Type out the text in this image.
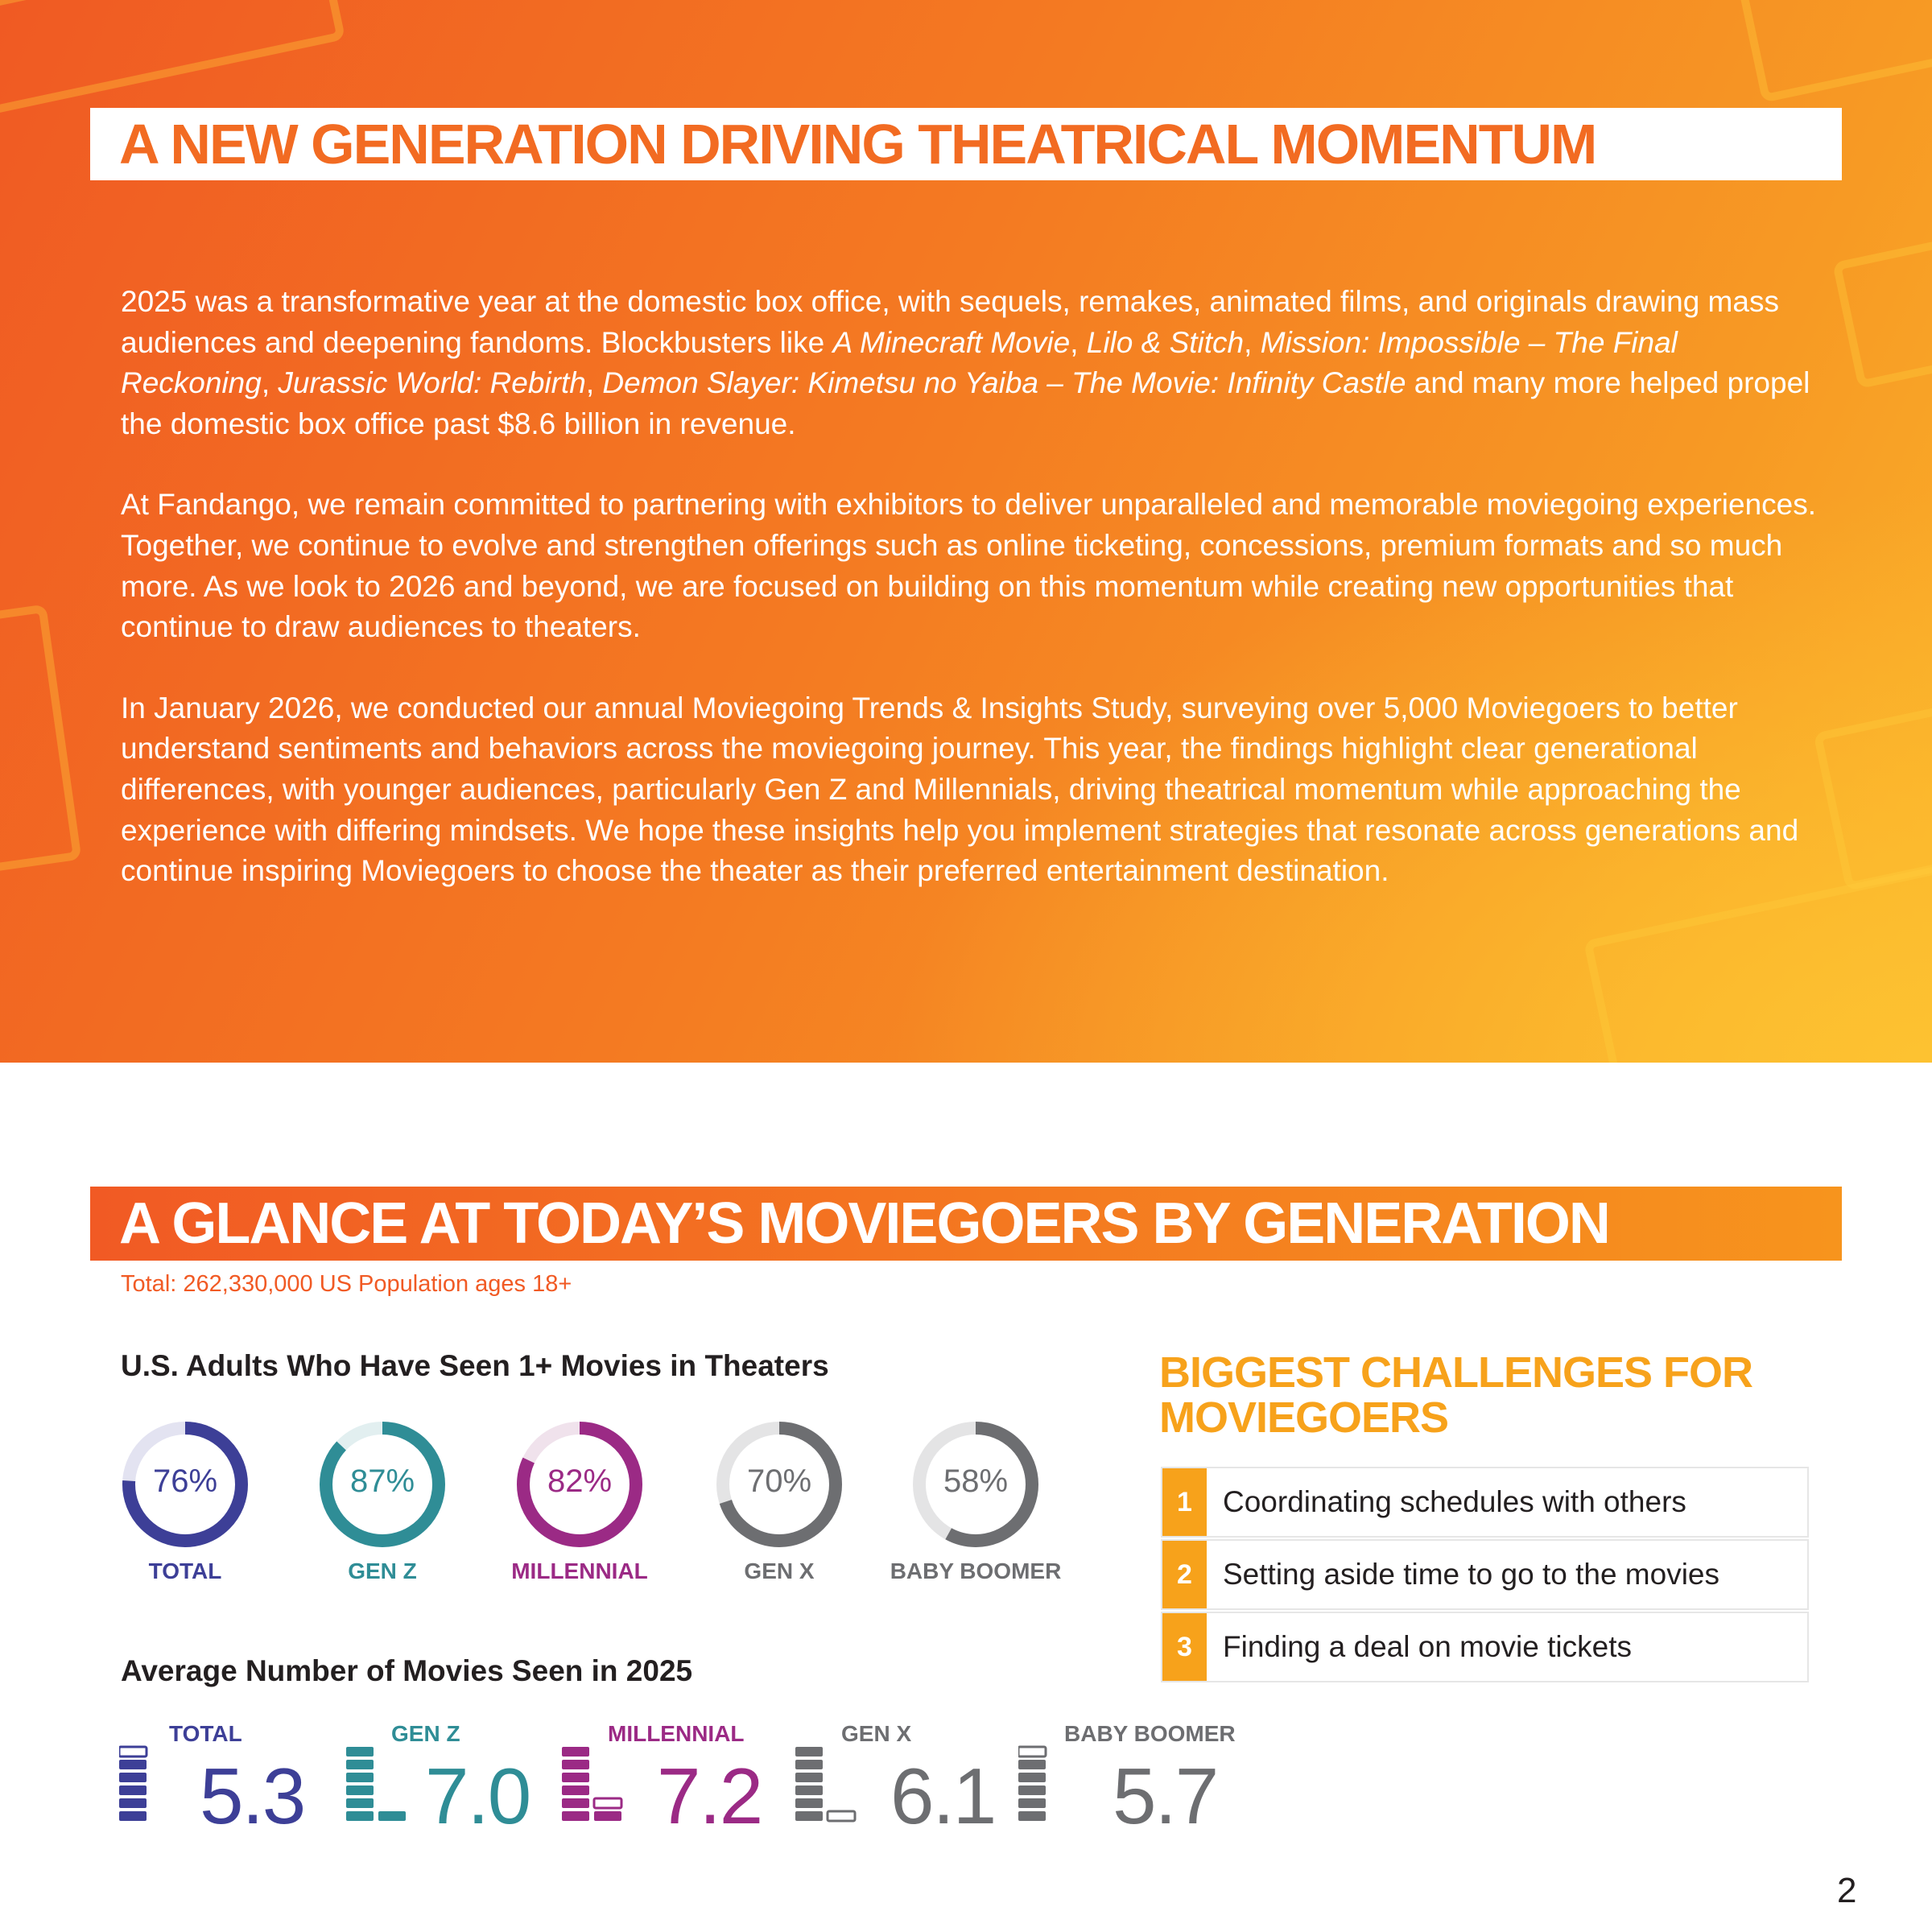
A NEW GENERATION DRIVING THEATRICAL MOMENTUM

2025 was a transformative year at the domestic box office, with sequels, remakes, animated films, and originals drawing mass audiences and deepening fandoms. Blockbusters like A Minecraft Movie, Lilo & Stitch, Mission: Impossible – The Final Reckoning, Jurassic World: Rebirth, Demon Slayer: Kimetsu no Yaiba – The Movie: Infinity Castle and many more helped propel the domestic box office past $8.6 billion in revenue.

At Fandango, we remain committed to partnering with exhibitors to deliver unparalleled and memorable moviegoing experiences. Together, we continue to evolve and strengthen offerings such as online ticketing, concessions, premium formats and so much more. As we look to 2026 and beyond, we are focused on building on this momentum while creating new opportunities that continue to draw audiences to theaters.

In January 2026, we conducted our annual Moviegoing Trends & Insights Study, surveying over 5,000 Moviegoers to better understand sentiments and behaviors across the moviegoing journey. This year, the findings highlight clear generational differences, with younger audiences, particularly Gen Z and Millennials, driving theatrical momentum while approaching the experience with differing mindsets. We hope these insights help you implement strategies that resonate across generations and continue inspiring Moviegoers to choose the theater as their preferred entertainment destination.

A GLANCE AT TODAY’S MOVIEGOERS BY GENERATION
Total: 262,330,000 US Population ages 18+
U.S. Adults Who Have Seen 1+ Movies in Theaters
76%	87%	82%	70%	58%
TOTAL	GEN Z	MILLENNIAL	GEN X	BABY BOOMER
Average Number of Movies Seen in 2025
TOTAL	GEN Z	MILLENNIAL	GEN X	BABY BOOMER
5.3 7.0 7.2 6.1 5.7
BIGGEST CHALLENGES FOR MOVIEGOERS
1	Coordinating schedules with others
2	Setting aside time to go to the movies
3	Finding a deal on movie tickets
2
